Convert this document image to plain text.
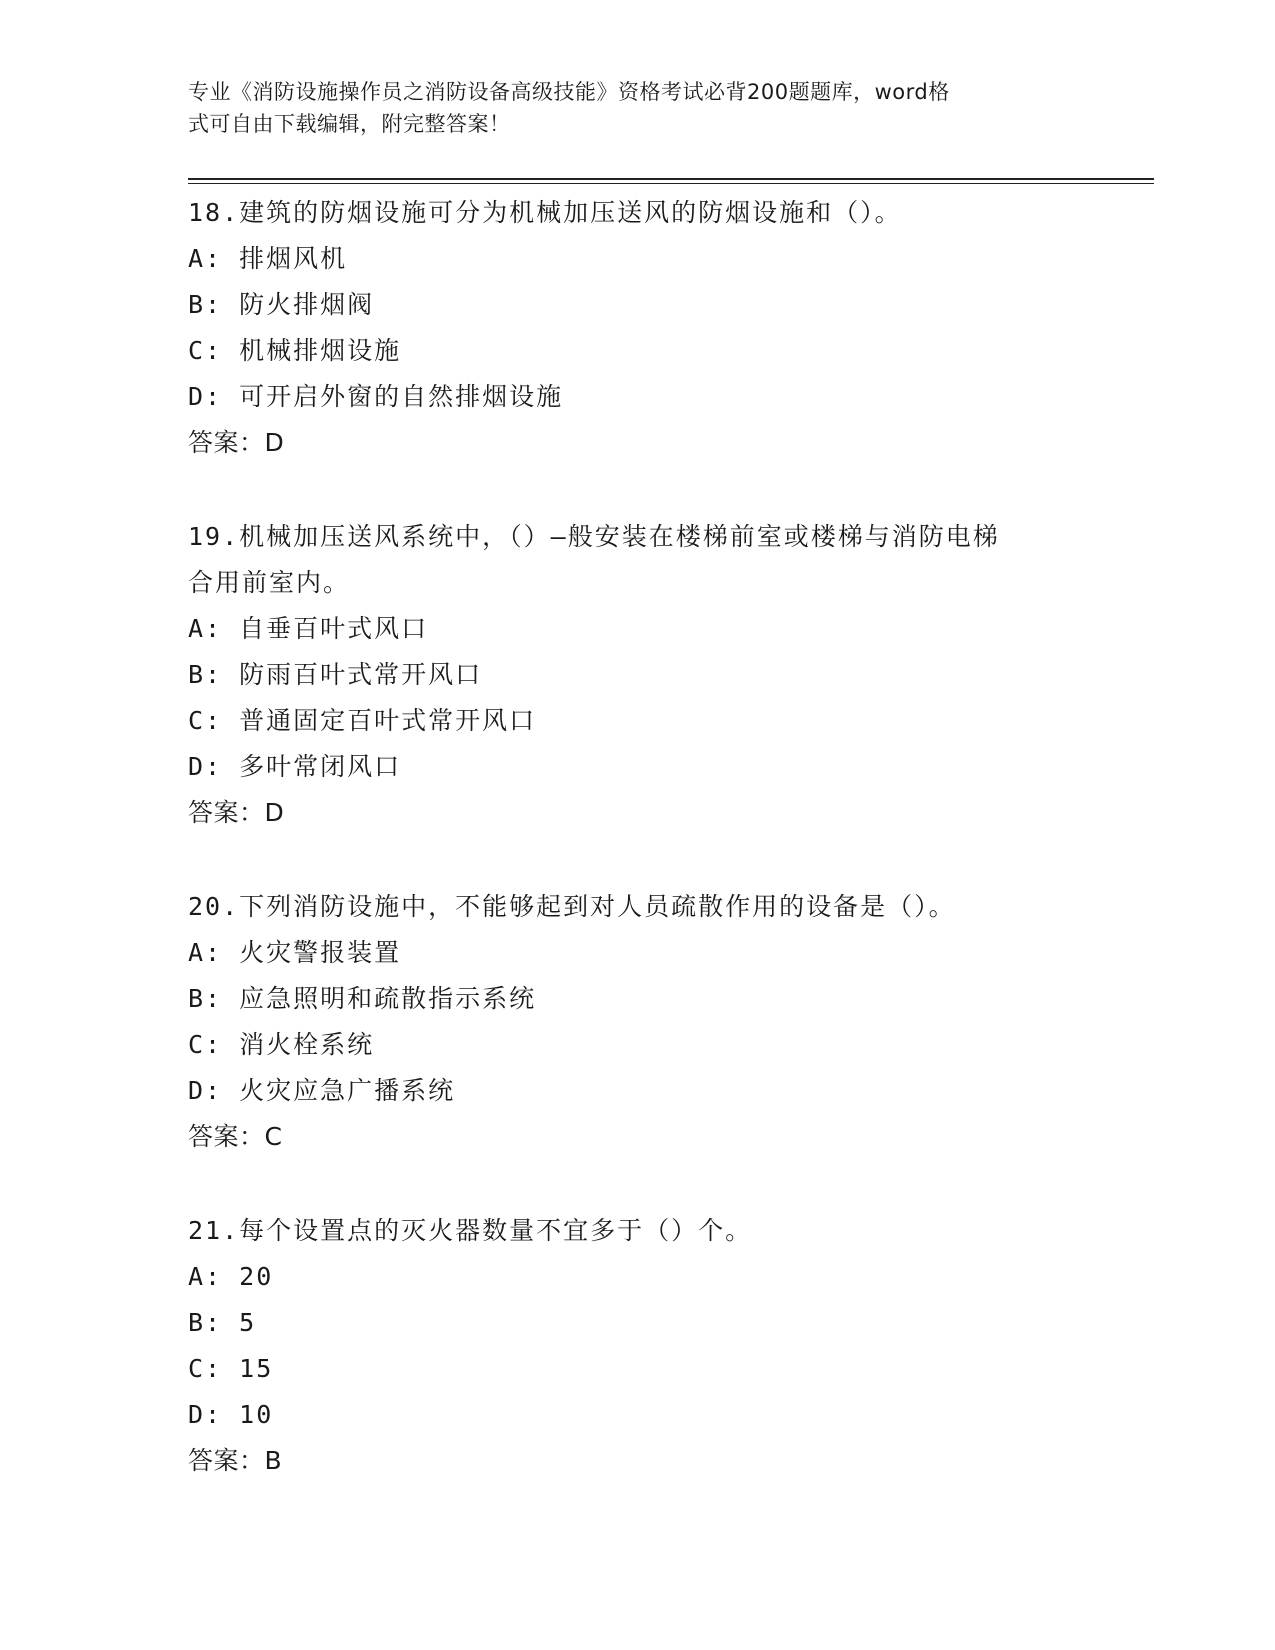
专业《消防设施操作员之消防设备高级技能》资格考试必背200题题库，word格
式可自由下载编辑，附完整答案！
18.建筑的防烟设施可分为机械加压送风的防烟设施和（）。
A: 排烟风机
B: 防火排烟阀
C: 机械排烟设施
D: 可开启外窗的自然排烟设施
答案：D
19.机械加压送风系统中，（）—般安装在楼梯前室或楼梯与消防电梯
合用前室内。
A: 自垂百叶式风口
B: 防雨百叶式常开风口
C: 普通固定百叶式常开风口
D: 多叶常闭风口
答案：D
20.下列消防设施中，不能够起到对人员疏散作用的设备是（）。
A: 火灾警报装置
B: 应急照明和疏散指示系统
C: 消火栓系统
D: 火灾应急广播系统
答案：C
21.每个设置点的灭火器数量不宜多于（）个。
A: 20
B: 5
C: 15
D: 10
答案：B
